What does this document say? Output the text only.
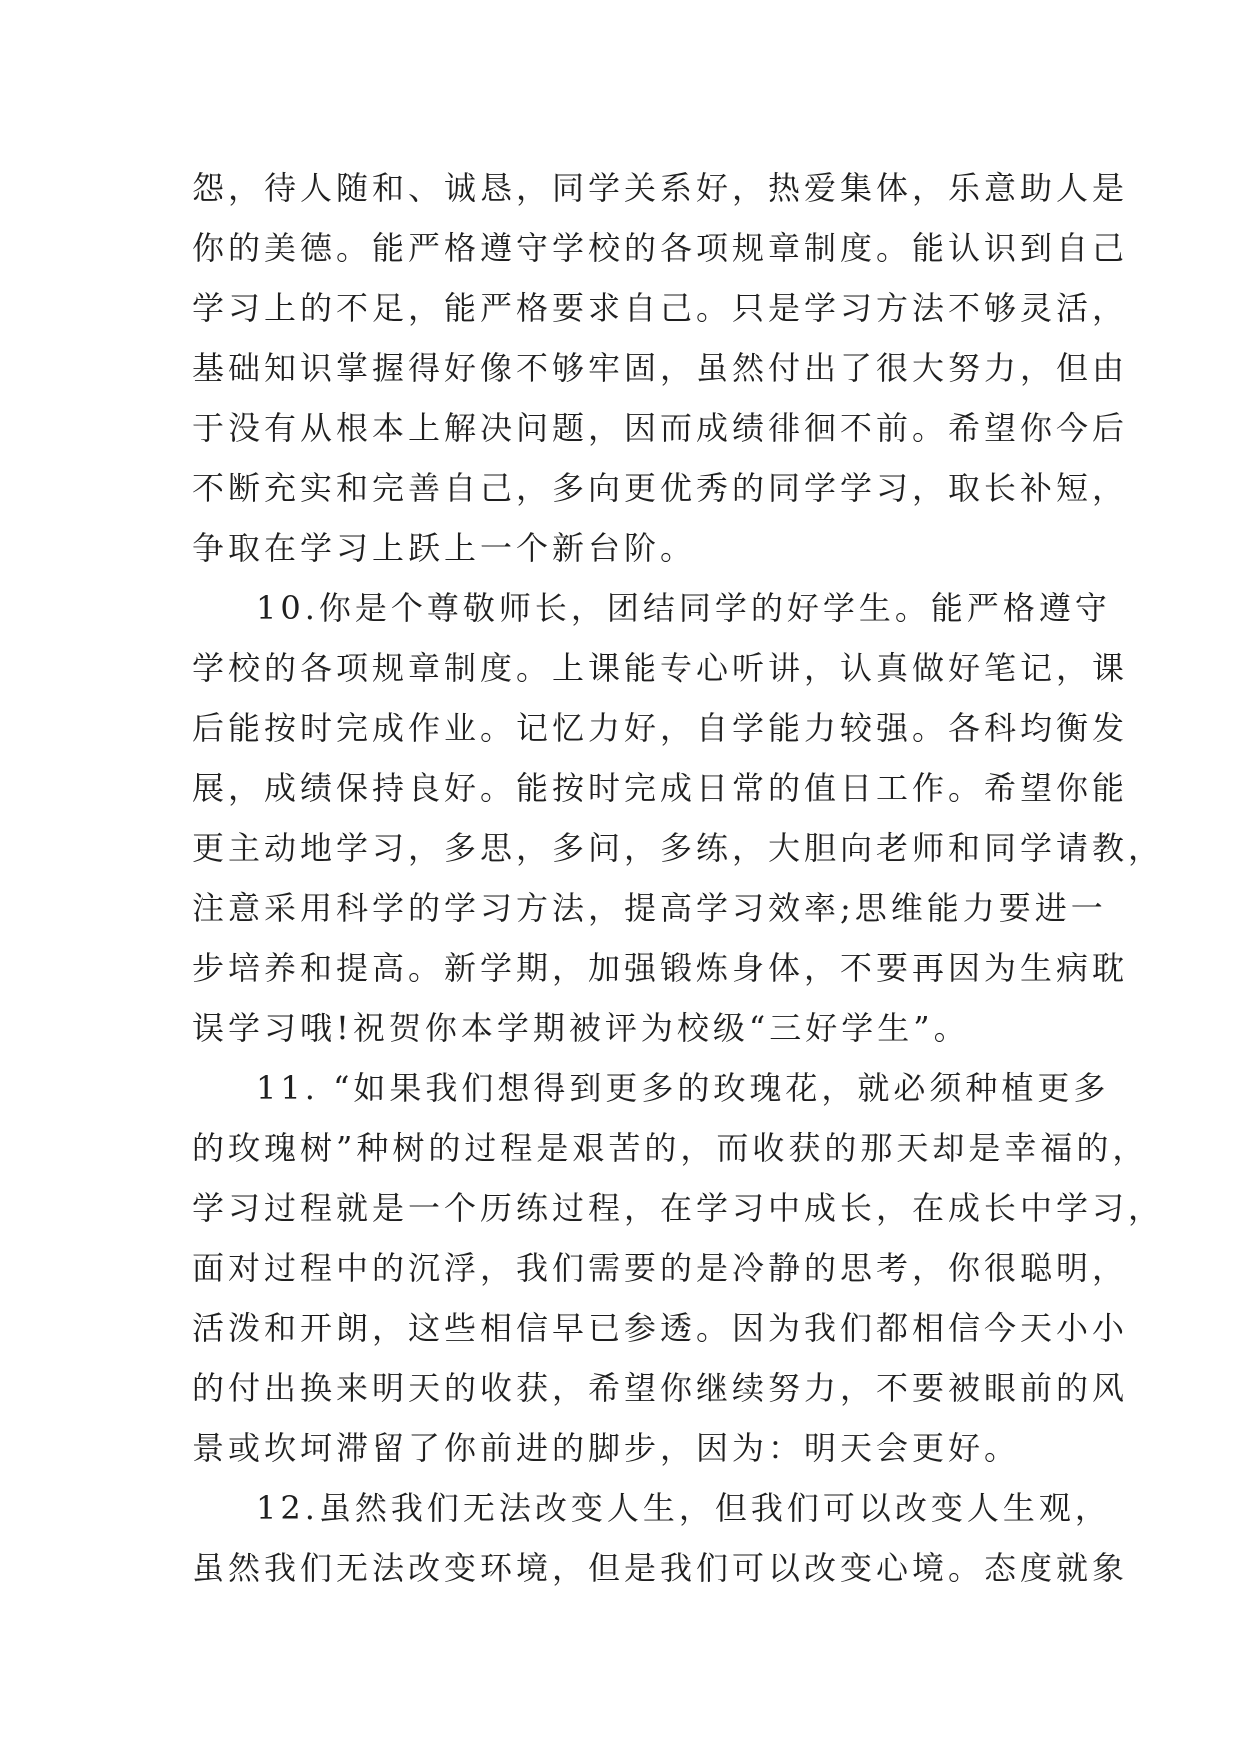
怨，待人随和、诚恳，同学关系好，热爱集体，乐意助人是
你的美德。能严格遵守学校的各项规章制度。能认识到自己
学习上的不足，能严格要求自己。只是学习方法不够灵活，
基础知识掌握得好像不够牢固，虽然付出了很大努力，但由
于没有从根本上解决问题，因而成绩徘徊不前。希望你今后
不断充实和完善自己，多向更优秀的同学学习，取长补短，
争取在学习上跃上一个新台阶。
10.你是个尊敬师长，团结同学的好学生。能严格遵守
学校的各项规章制度。上课能专心听讲，认真做好笔记，课
后能按时完成作业。记忆力好，自学能力较强。各科均衡发
展，成绩保持良好。能按时完成日常的值日工作。希望你能
更主动地学习，多思，多问，多练，大胆向老师和同学请教，
注意采用科学的学习方法，提高学习效率;思维能力要进一
步培养和提高。新学期，加强锻炼身体，不要再因为生病耽
误学习哦!祝贺你本学期被评为校级“三好学生”。
11. “如果我们想得到更多的玫瑰花，就必须种植更多
的玫瑰树”种树的过程是艰苦的，而收获的那天却是幸福的，
学习过程就是一个历练过程，在学习中成长，在成长中学习，
面对过程中的沉浮，我们需要的是冷静的思考，你很聪明，
活泼和开朗，这些相信早已参透。因为我们都相信今天小小
的付出换来明天的收获，希望你继续努力，不要被眼前的风
景或坎坷滞留了你前进的脚步，因为：明天会更好。
12.虽然我们无法改变人生，但我们可以改变人生观，
虽然我们无法改变环境，但是我们可以改变心境。态度就象
